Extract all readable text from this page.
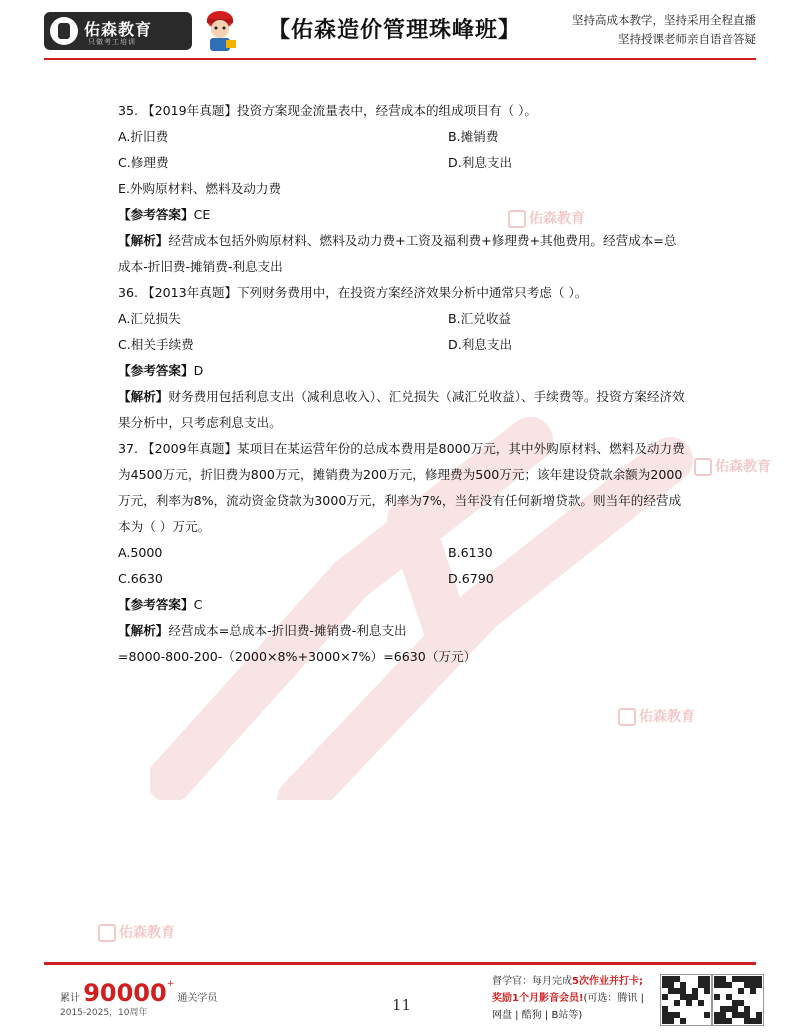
佑森教育
佑森教育
佑森教育
佑森教育
佑森教育
只做考工培训	【佑森造价管理珠峰班】	坚持高成本教学，坚持采用全程直播
坚持授课老师亲自语音答疑
35. 【2019年真题】投资方案现金流量表中，经营成本的组成项目有（ ）。
A.折旧费	B.摊销费
C.修理费	D.利息支出
E.外购原材料、燃料及动力费
【参考答案】CE
【解析】经营成本包括外购原材料、燃料及动力费+工资及福利费+修理费+其他费用。经营成本=总成本-折旧费-摊销费-利息支出
36. 【2013年真题】下列财务费用中，在投资方案经济效果分析中通常只考虑（ ）。
A.汇兑损失	B.汇兑收益
C.相关手续费	D.利息支出
【参考答案】D
【解析】财务费用包括利息支出（减利息收入）、汇兑损失（减汇兑收益）、手续费等。投资方案经济效果分析中，只考虑利息支出。
37. 【2009年真题】某项目在某运营年份的总成本费用是8000万元，其中外购原材料、燃料及动力费为4500万元，折旧费为800万元，摊销费为200万元，修理费为500万元；该年建设贷款余额为2000万元，利率为8%，流动资金贷款为3000万元，利率为7%，当年没有任何新增贷款。则当年的经营成本为（ ）万元。
A.5000	B.6130
C.6630	D.6790
【参考答案】C
【解析】经营成本=总成本-折旧费-摊销费-利息支出
=8000-800-200-（2000×8%+3000×7%）=6630（万元）
累计 90000+ 通关学员
2015-2025，10周年	11
督学官：每月完成5次作业并打卡;
奖励1个月影音会员!(可选：腾讯 |
网盘 | 酷狗 | B站等)
